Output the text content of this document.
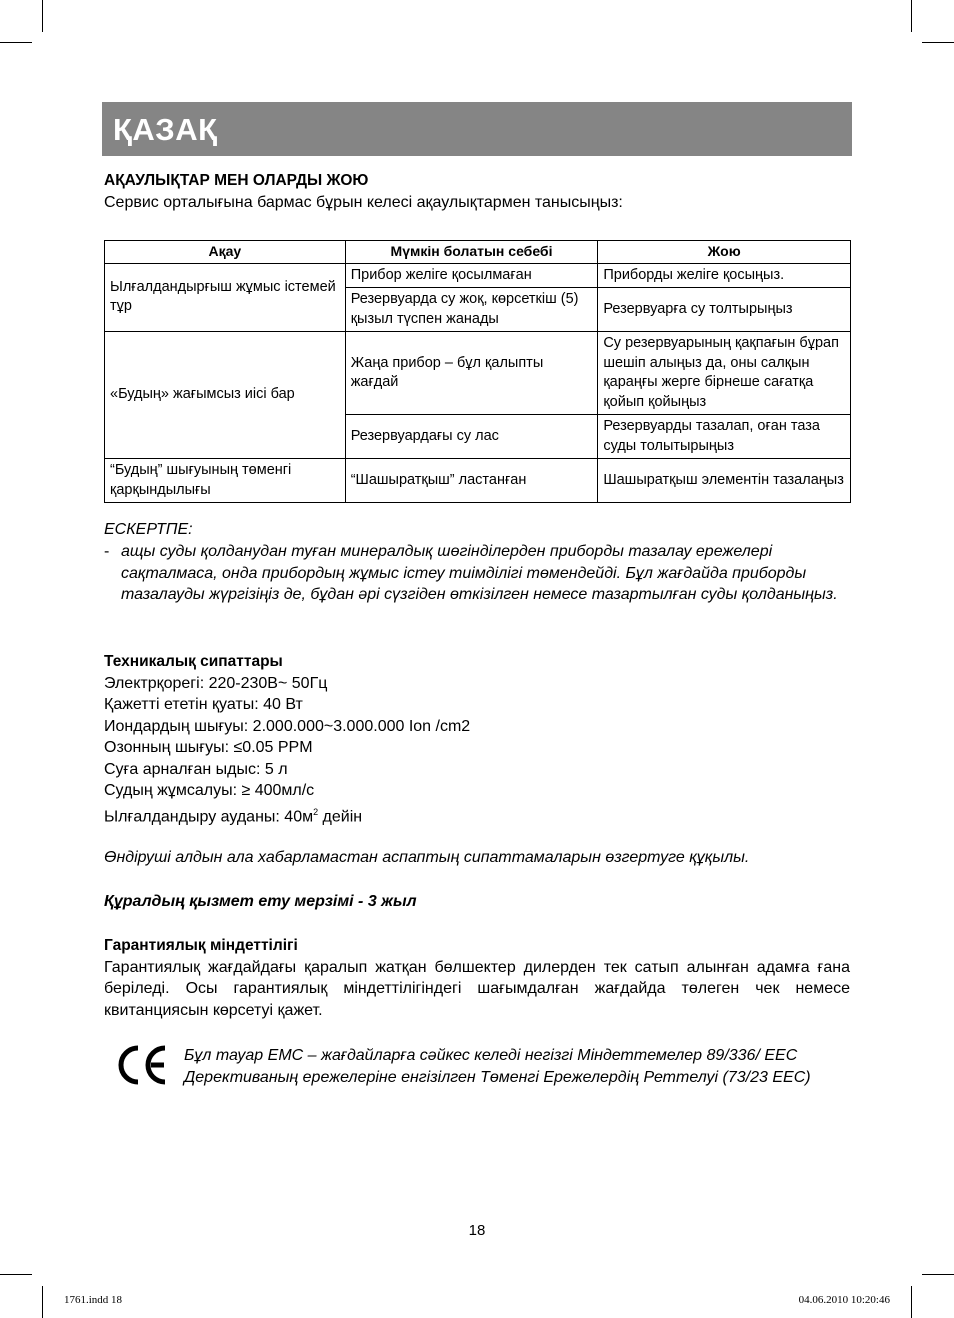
ҚАЗАҚ
АҚАУЛЫҚТАР МЕН ОЛАРДЫ ЖОЮ
Сервис орталығына бармас бұрын келесі ақаулықтармен танысыңыз:
Ақау	Мүмкін болатын себебі	Жою
Ылғалдандырғыш жұмыс істемей тұр	Прибор желіге қосылмаған	Приборды желіге қосыңыз.
	Резервуарда су жоқ, көрсеткіш (5) қызыл түспен жанады	Резервуарға су толтырыңыз
«Будың» жағымсыз иісі бар	Жаңа прибор – бұл қалыпты жағдай	Су резервуарының қақпағын бұрап шешіп алыңыз да, оны салқын қараңғы жерге бірнеше сағатқа қойып қойыңыз
	Резервуардағы су лас	Резервуарды тазалап, оған таза суды толытырыңыз
“Будың” шығуының төменгі қарқындылығы	“Шашыратқыш” ластанған	Шашыратқыш элементін тазалаңыз
ЕСКЕРТПЕ:
- ащы суды қолданудан туған минералдық шөгінділерден приборды тазалау ережелері сақталмаса, онда прибордың жұмыс істеу тиімділігі төмендейді. Бұл жағдайда приборды тазалауды жүргізіңіз де, бұдан әрі сүзгіден өткізілген немесе тазартылған суды қолданыңыз.
Техникалық сипаттары
Электрқорегі: 220-230В~ 50Гц
Қажетті ететін қуаты: 40 Вт
Иондардың шығуы: 2.000.000~3.000.000 Ion /cm2
Озонның шығуы: ≤0.05 PPM
Суға арналған ыдыс: 5 л
Судың жұмсалуы: ≥ 400мл/с
Ылғалдандыру ауданы: $40м^2$ дейін
Өндіруші алдын ала хабарламастан аспаптың сипаттамаларын өзгертуге құқылы.
Құралдың қызмет ету мерзімі - 3 жыл
Гарантиялық міндеттілігі
Гарантиялық жағдайдағы қаралып жатқан бөлшектер дилерден тек сатып алынған адамға ғана беріледі. Осы гарантиялық міндеттілігіндегі шағымдалған жағдайда төлеген чек немесе квитанциясын көрсетуі қажет.
Бұл тауар ЕМС – жағдайларға сәйкес келеді негізгі Міндеттемелер 89/336/ ЕЕС Дерективаның ережелеріне енгізілген Төменгі Ережелердің Реттелуі (73/23 ЕЕС)
18
1761.indd 18	04.06.2010 10:20:46
